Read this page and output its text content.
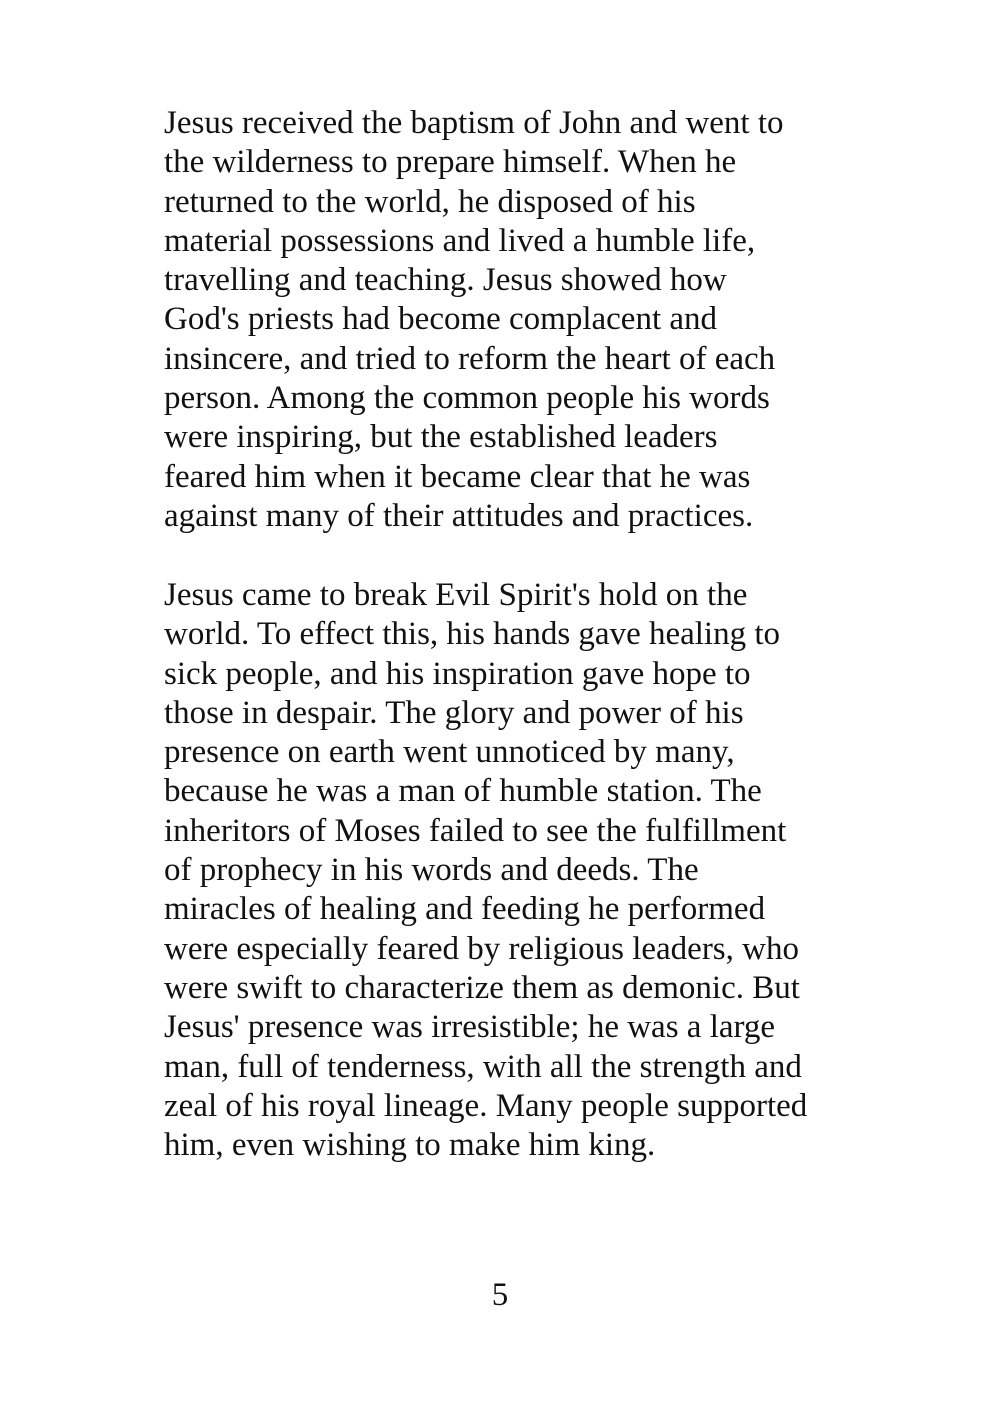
Jesus received the baptism of John and went to
the wilderness to prepare himself. When he
returned to the world, he disposed of his
material possessions and lived a humble life,
travelling and teaching. Jesus showed how
God's priests had become complacent and
insincere, and tried to reform the heart of each
person. Among the common people his words
were inspiring, but the established leaders
feared him when it became clear that he was
against many of their attitudes and practices.
Jesus came to break Evil Spirit's hold on the
world. To effect this, his hands gave healing to
sick people, and his inspiration gave hope to
those in despair. The glory and power of his
presence on earth went unnoticed by many,
because he was a man of humble station. The
inheritors of Moses failed to see the fulfillment
of prophecy in his words and deeds. The
miracles of healing and feeding he performed
were especially feared by religious leaders, who
were swift to characterize them as demonic. But
Jesus' presence was irresistible; he was a large
man, full of tenderness, with all the strength and
zeal of his royal lineage. Many people supported
him, even wishing to make him king.
5
